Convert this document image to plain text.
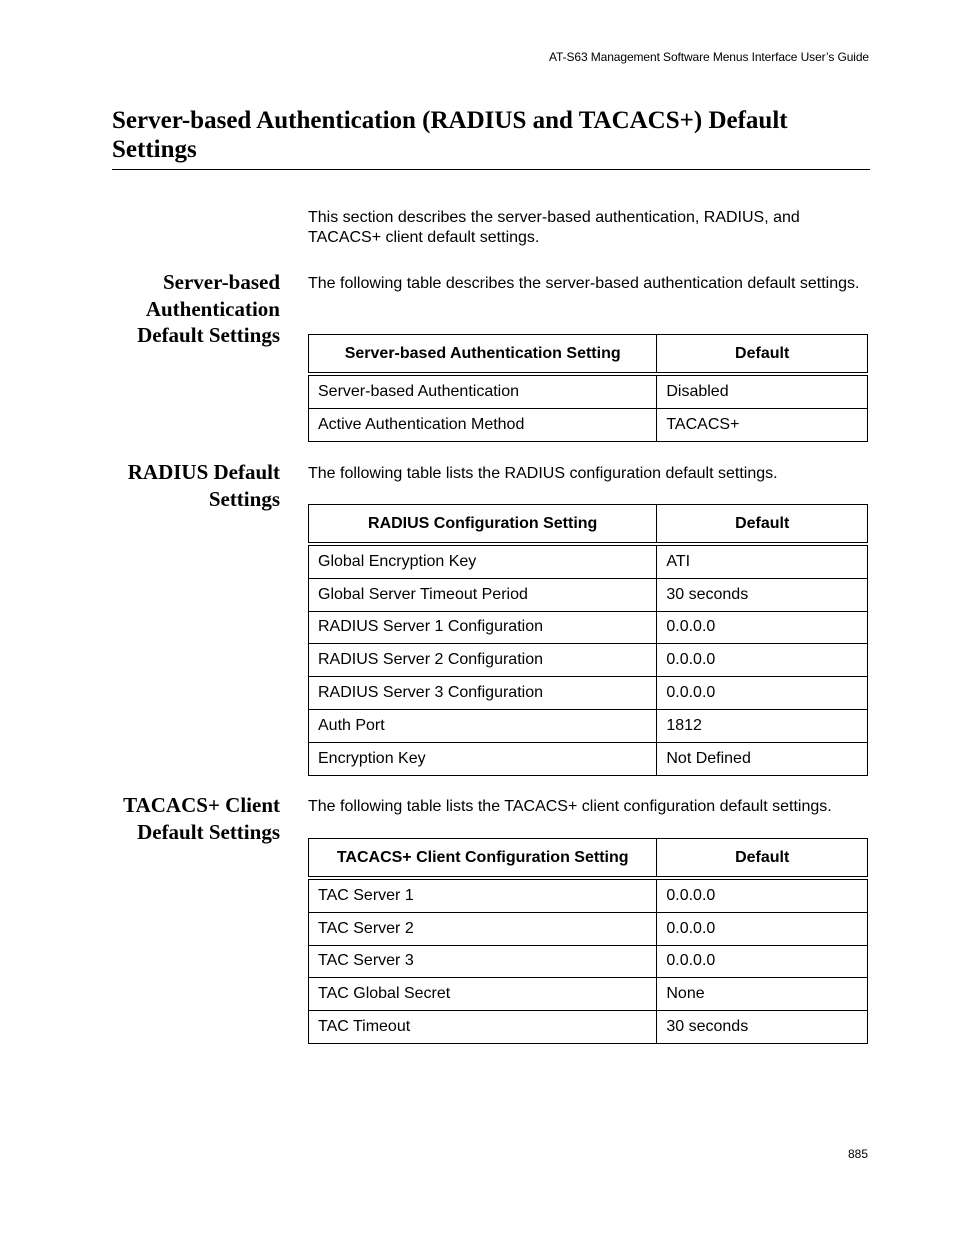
AT-S63 Management Software Menus Interface User’s Guide
Server-based Authentication (RADIUS and TACACS+) Default Settings

This section describes the server-based authentication, RADIUS, and TACACS+ client default settings.

Server-based Authentication Default Settings

The following table describes the server-based authentication default settings.

Server-based Authentication Setting	Default
Server-based Authentication	Disabled
Active Authentication Method	TACACS+
RADIUS Default Settings

The following table lists the RADIUS configuration default settings.

RADIUS Configuration Setting	Default
Global Encryption Key	ATI
Global Server Timeout Period	30 seconds
RADIUS Server 1 Configuration	0.0.0.0
RADIUS Server 2 Configuration	0.0.0.0
RADIUS Server 3 Configuration	0.0.0.0
Auth Port	1812
Encryption Key	Not Defined
TACACS+ Client Default Settings

The following table lists the TACACS+ client configuration default settings.

TACACS+ Client Configuration Setting	Default
TAC Server 1	0.0.0.0
TAC Server 2	0.0.0.0
TAC Server 3	0.0.0.0
TAC Global Secret	None
TAC Timeout	30 seconds
885
